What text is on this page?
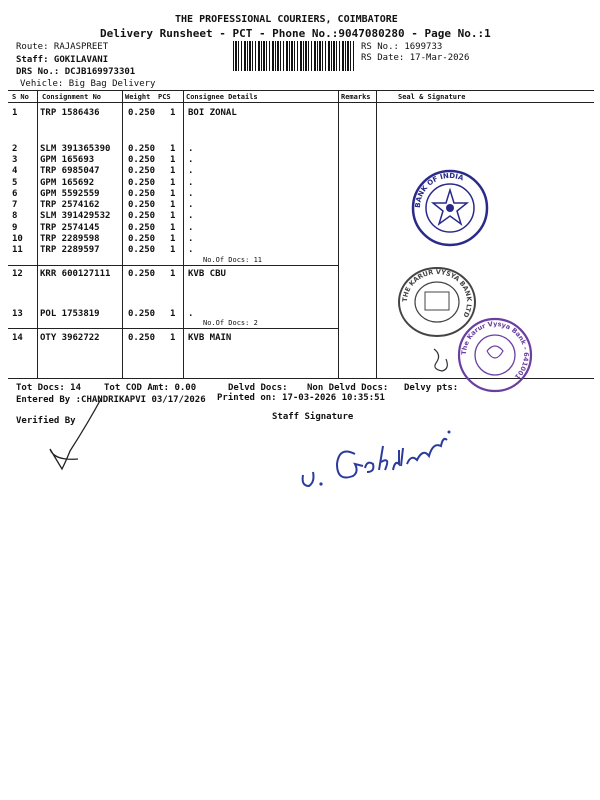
THE PROFESSIONAL COURIERS, COIMBATORE
Delivery Runsheet - PCT - Phone No.:9047080280 - Page No.:1
Route: RAJASPREET
Staff: GOKILAVANI
DRS No.: DCJB169973301
Vehicle: Big Bag Delivery
RS No.: 1699733
RS Date: 17-Mar-2026
S No Consignment No	Weight PCS Consignee Details	Remarks	Seal & Signature
1	TRP 1586436	0.250 1 BOI ZONAL
2	SLM 391365390 0.250 1 .
3	GPM 165693	0.250 1 .
4	TRP 6985047	0.250 1 .
5	GPM 165692	0.250 1 .
6	GPM 5592559	0.250 1 .
7	TRP 2574162	0.250 1 .
8	SLM 391429532 0.250 1 .
9	TRP 2574145	0.250 1 .
10 TRP 2289598	0.250 1 .
11 TRP 2289597	0.250 1 .
No.Of Docs: 11
12 KRR 600127111 0.250 1 KVB CBU
13 POL 1753819	0.250 1 .
No.Of Docs: 2
14 OTY 3962722	0.250 1 KVB MAIN
BANK OF INDIA
THE KARUR VYSYA BANK LTD
The Karur Vysya Bank - 641001
Tot Docs: 14	Tot COD Amt: 0.00	Delvd Docs: Non Delvd Docs: Delvy pts:
Entered By :CHANDRIKAPVI 03/17/2026 Printed on: 17-03-2026 10:35:51
Verified By	Staff Signature
